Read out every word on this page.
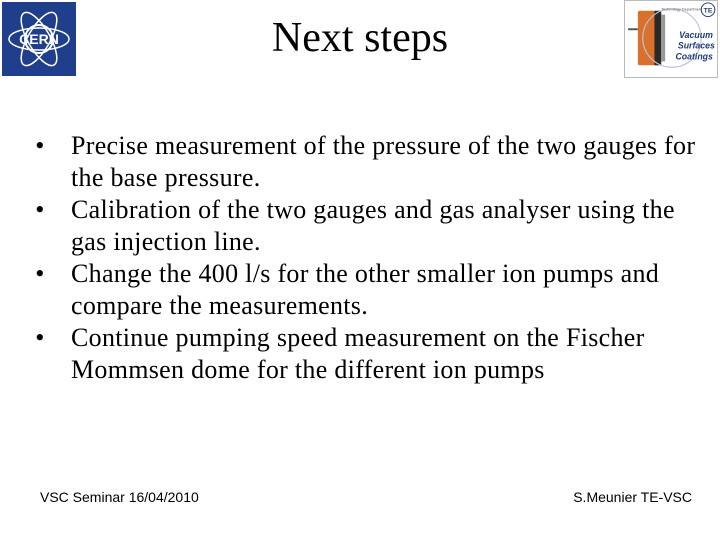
CERN
TE
Technology Department
Vacuum
Surfaces
Coatings
Next steps
• Precise measurement of the pressure of the two gauges for the base pressure.
• Calibration of the two gauges and gas analyser using the gas injection line.
• Change the 400 l/s for the other smaller ion pumps and compare the measurements.
• Continue pumping speed measurement on the Fischer Mommsen dome for the different ion pumps
VSC Seminar 16/04/2010	S.Meunier TE-VSC
